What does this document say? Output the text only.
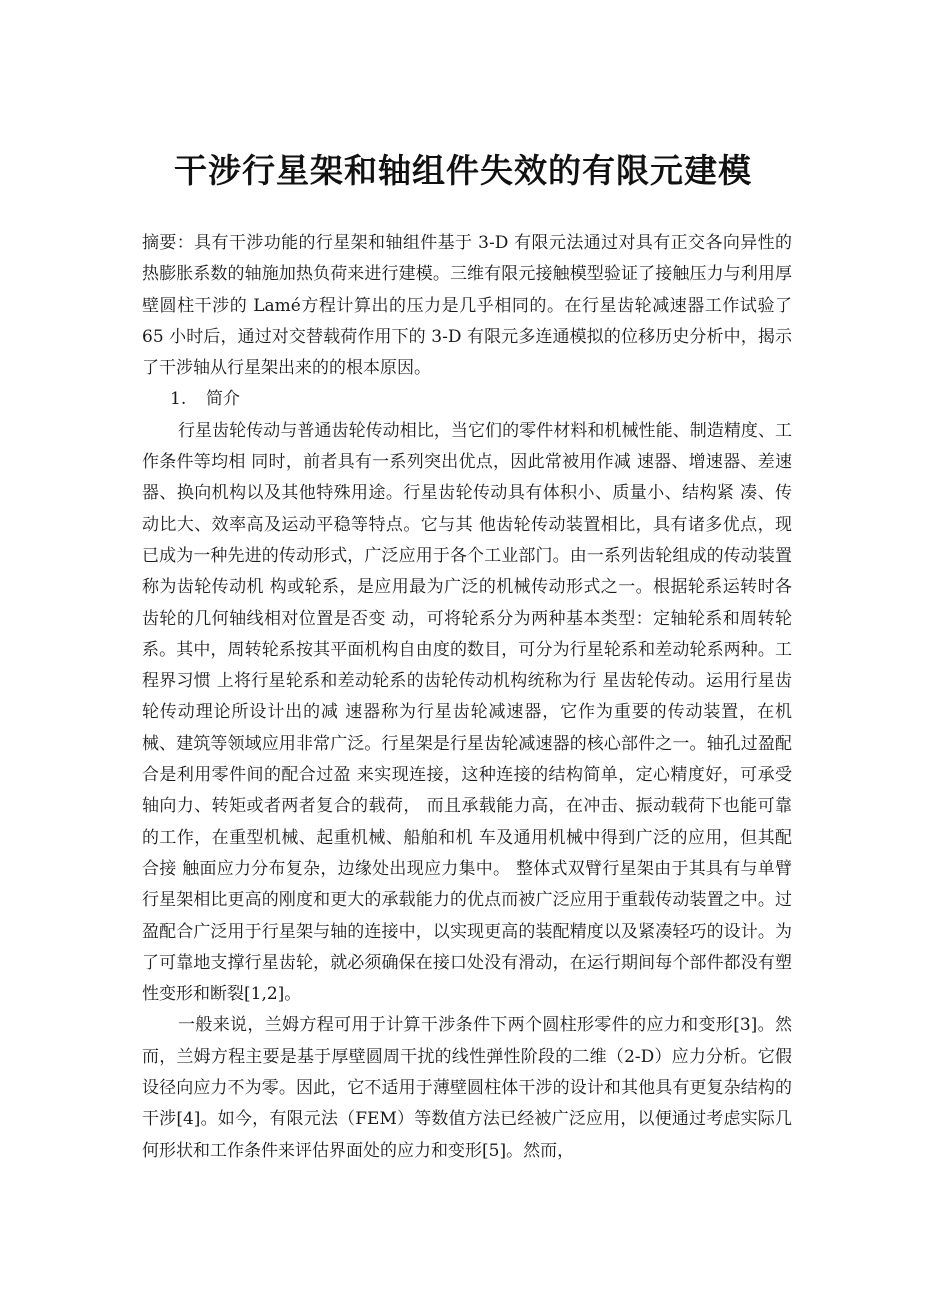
干涉行星架和轴组件失效的有限元建模

摘要：具有干涉功能的行星架和轴组件基于 3-D 有限元法通过对具有正交各向异性的热膨胀系数的轴施加热负荷来进行建模。三维有限元接触模型验证了接触压力与利用厚壁圆柱干涉的 Lamé方程计算出的压力是几乎相同的。在行星齿轮减速器工作试验了 65 小时后，通过对交替载荷作用下的 3-D 有限元多连通模拟的位移历史分析中，揭示了干涉轴从行星架出来的的根本原因。

1. 简介

行星齿轮传动与普通齿轮传动相比，当它们的零件材料和机械性能、制造精度、工作条件等均相 同时，前者具有一系列突出优点，因此常被用作减 速器、增速器、差速器、换向机构以及其他特殊用途。行星齿轮传动具有体积小、质量小、结构紧 凑、传动比大、效率高及运动平稳等特点。它与其 他齿轮传动装置相比，具有诸多优点，现已成为一种先进的传动形式，广泛应用于各个工业部门。由一系列齿轮组成的传动装置称为齿轮传动机 构或轮系，是应用最为广泛的机械传动形式之一。根据轮系运转时各齿轮的几何轴线相对位置是否变 动，可将轮系分为两种基本类型：定轴轮系和周转轮系。其中，周转轮系按其平面机构自由度的数目，可分为行星轮系和差动轮系两种。工程界习惯 上将行星轮系和差动轮系的齿轮传动机构统称为行 星齿轮传动。运用行星齿轮传动理论所设计出的减 速器称为行星齿轮减速器，它作为重要的传动装置，在机械、建筑等领域应用非常广泛。行星架是行星齿轮减速器的核心部件之一。轴孔过盈配合是利用零件间的配合过盈 来实现连接，这种连接的结构简单，定心精度好，可承受轴向力、转矩或者两者复合的载荷， 而且承载能力高，在冲击、振动载荷下也能可靠的工作，在重型机械、起重机械、船舶和机 车及通用机械中得到广泛的应用，但其配合接 触面应力分布复杂，边缘处出现应力集中。 整体式双臂行星架由于其具有与单臂行星架相比更高的刚度和更大的承载能力的优点而被广泛应用于重载传动装置之中。过盈配合广泛用于行星架与轴的连接中，以实现更高的装配精度以及紧凑轻巧的设计。为了可靠地支撑行星齿轮，就必须确保在接口处没有滑动，在运行期间每个部件都没有塑性变形和断裂[1,2]。

一般来说，兰姆方程可用于计算干涉条件下两个圆柱形零件的应力和变形[3]。然而，兰姆方程主要是基于厚壁圆周干扰的线性弹性阶段的二维（2-D）应力分析。它假设径向应力不为零。因此，它不适用于薄壁圆柱体干涉的设计和其他具有更复杂结构的干涉[4]。如今，有限元法（FEM）等数值方法已经被广泛应用，以便通过考虑实际几何形状和工作条件来评估界面处的应力和变形[5]。然而，
